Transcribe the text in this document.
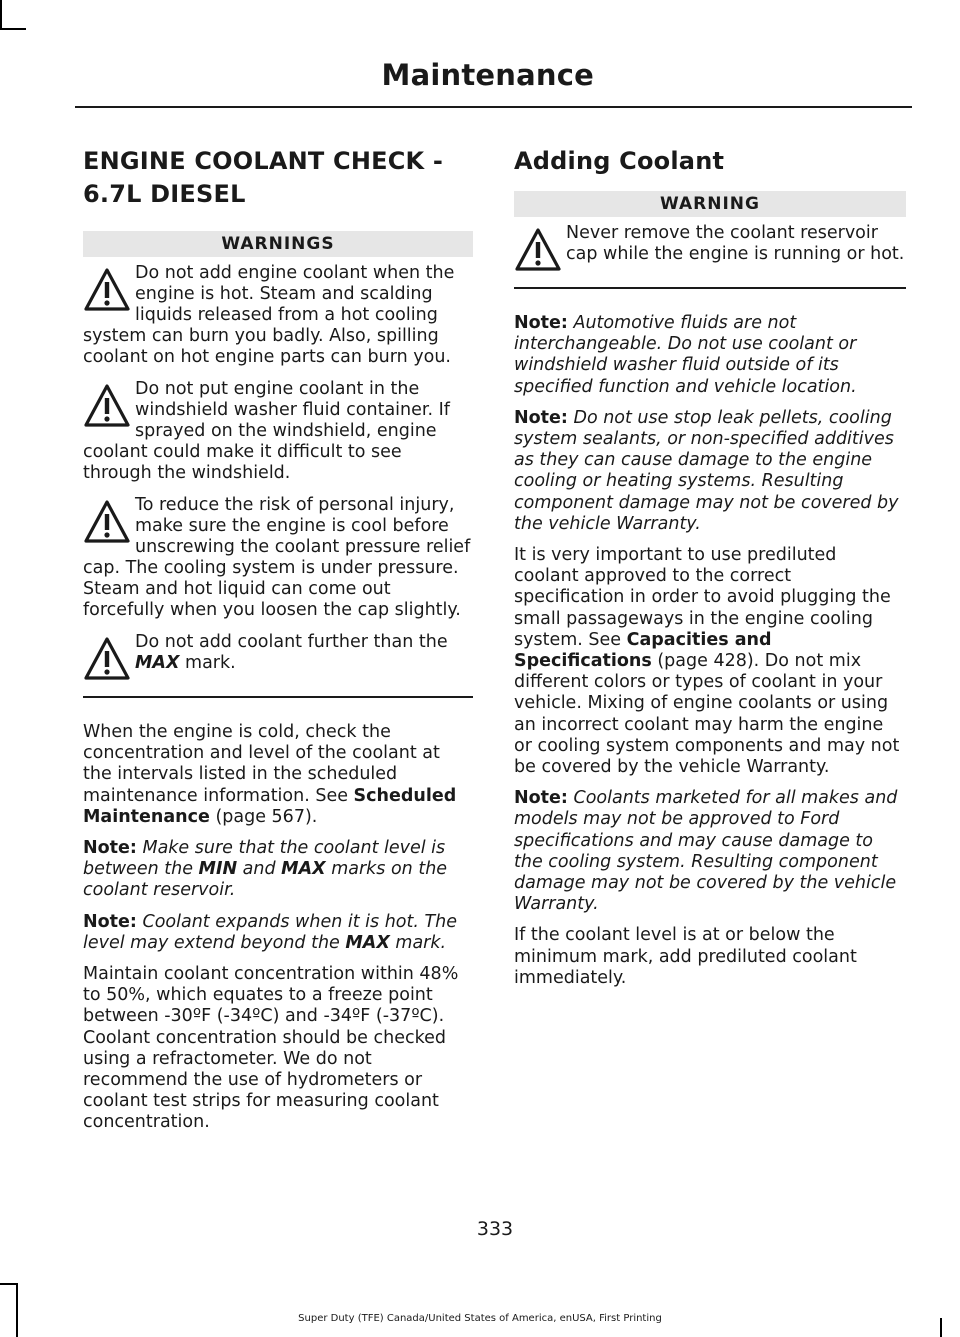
Maintenance
ENGINE COOLANT CHECK -
6.7L DIESEL
WARNINGS
Do not add engine coolant when the engine is hot. Steam and scalding liquids released from a hot cooling system can burn you badly. Also, spilling coolant on hot engine parts can burn you.
Do not put engine coolant in the windshield washer fluid container. If sprayed on the windshield, engine coolant could make it difficult to see through the windshield.
To reduce the risk of personal injury, make sure the engine is cool before unscrewing the coolant pressure relief cap. The cooling system is under pressure. Steam and hot liquid can come out forcefully when you loosen the cap slightly.
Do not add coolant further than the MAX mark.

When the engine is cold, check the concentration and level of the coolant at the intervals listed in the scheduled maintenance information. See Scheduled Maintenance (page 567).

Note: Make sure that the coolant level is between the MIN and MAX marks on the coolant reservoir.

Note: Coolant expands when it is hot. The level may extend beyond the MAX mark.

Maintain coolant concentration within 48% to 50%, which equates to a freeze point between -30ºF (-34ºC) and -34ºF (-37ºC). Coolant concentration should be checked using a refractometer. We do not recommend the use of hydrometers or coolant test strips for measuring coolant concentration.

Adding Coolant
WARNING
Never remove the coolant reservoir cap while the engine is running or hot.

Note: Automotive fluids are not interchangeable. Do not use coolant or windshield washer fluid outside of its specified function and vehicle location.

Note: Do not use stop leak pellets, cooling system sealants, or non-specified additives as they can cause damage to the engine cooling or heating systems. Resulting component damage may not be covered by the vehicle Warranty.

It is very important to use prediluted coolant approved to the correct specification in order to avoid plugging the small passageways in the engine cooling system. See Capacities and Specifications (page 428). Do not mix different colors or types of coolant in your vehicle. Mixing of engine coolants or using an incorrect coolant may harm the engine or cooling system components and may not be covered by the vehicle Warranty.

Note: Coolants marketed for all makes and models may not be approved to Ford specifications and may cause damage to the cooling system. Resulting component damage may not be covered by the vehicle Warranty.

If the coolant level is at or below the minimum mark, add prediluted coolant immediately.

333
Super Duty (TFE) Canada/United States of America, enUSA, First Printing
